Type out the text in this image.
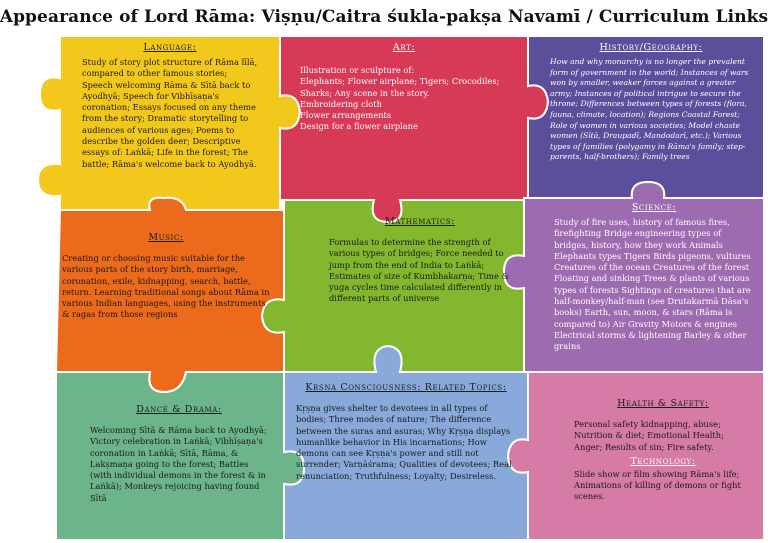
Appearance of Lord Rāma: Viṣṇu/Caitra śukla-pakṣa Navamī / Curriculum Links
Language:
Study of story plot structure of Rāma līlā, compared to other famous stories; Speech welcoming Rāma & Sītā back to Ayodhyā; Speech for Vibhīṣaṇa's coronation; Essays focused on any theme from the story; Dramatic storytelling to audiences of various ages; Poems to describe the golden deer; Descriptive essays of: Laṅkā; Life in the forest; The battle; Rāma's welcome back to Ayodhyā.
Art:
Illustration or sculpture of:
Elephants; Flower airplane; Tigers; Crocodiles; Sharks; Any scene in the story.
Embroidering cloth
Flower arrangements
Design for a flower airplane
History/Geography:
How and why monarchy is no longer the prevalent form of government in the world; Instances of wars won by smaller, weaker forces against a greater army; Instances of political intrigue to secure the throne; Differences between types of forests (flora, fauna, climate, location); Regions Coastal Forest; Role of women in various societies; Model chaste women (Sītā, Draupadī, Mandodarī, etc.); Various types of families (polygamy in Rāma's family; step-parents, half-brothers); Family trees
Music:
Creating or choosing music suitable for the various parts of the story birth, marriage, coronation, exile, kidnapping, search, battle, return. Learning traditional songs about Rāma in various Indian languages, using the instruments & ragas from those regions
Mathematics:
Formulas to determine the strength of various types of bridges; Force needed to jump from the end of India to Laṅkā; Estimates of size of Kumbhakarṇa; Time & yuga cycles time calculated differently in different parts of universe
Science:
Study of fire uses, history of famous fires, firefighting Bridge engineering types of bridges, history, how they work Animals Elephants types Tigers Birds pigeons, vultures Creatures of the ocean Creatures of the forest Floating and sinking Trees & plants of various types of forests Sightings of creatures that are half-monkey/half-man (see Drutakarmā Dāsa's books) Earth, sun, moon, & stars (Rāma is compared to) Air Gravity Motors & engines Electrical storms & lightening Barley & other grains
Dance & Drama:
Welcoming Sītā & Rāma back to Ayodhyā; Victory celebration in Laṅkā; Vibhīṣaṇa's coronation in Laṅkā; Sītā, Rāma, & Lakṣmaṇa going to the forest; Battles (with individual demons in the forest & in Laṅkā); Monkeys rejoicing having found Sītā
Kṛṣṇa Consciousness: Related Topics:
Kṛṣṇa gives shelter to devotees in all types of bodies; Three modes of nature; The difference between the suras and asuras; Why Kṛṣṇa displays humanlike behavior in His incarnations; How demons can see Kṛṣṇa's power and still not surrender; Varṇāśrama; Qualities of devotees; Real renunciation; Truthfulness; Loyalty; Desireless.
Health & Safety:
Personal safety kidnapping, abuse; Nutrition & diet; Emotional Health; Anger; Results of sin; Fire safety.
Technology:
Slide show or film showing Rāma's life; Animations of killing of demons or fight scenes.
